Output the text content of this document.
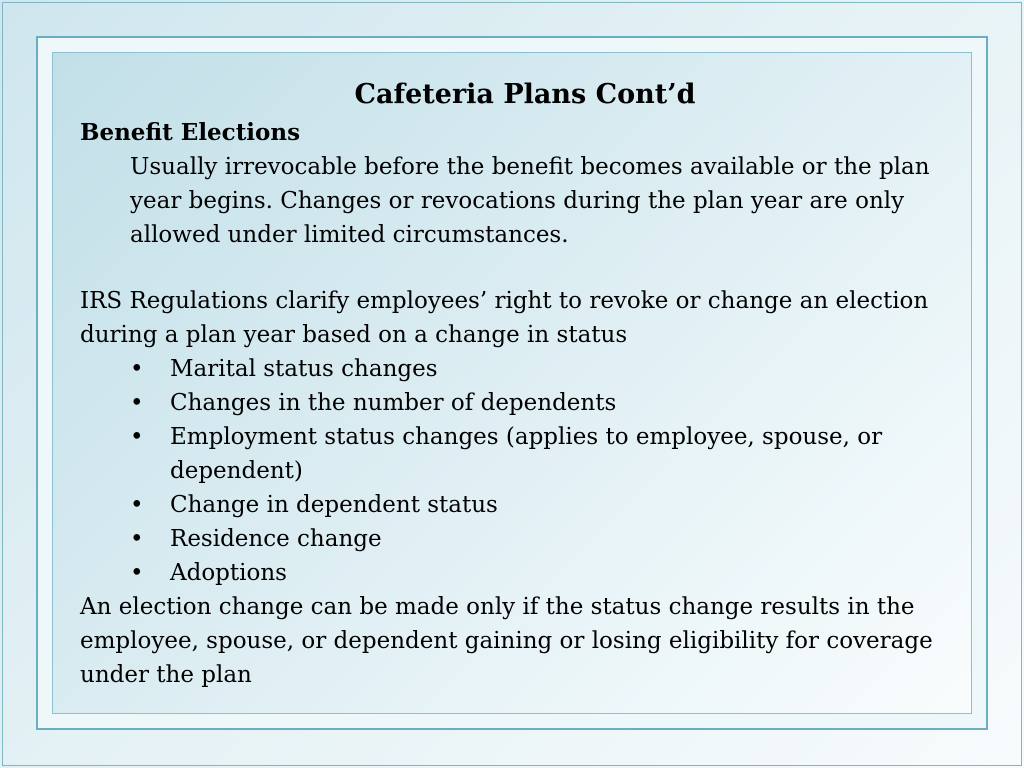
Cafeteria Plans Cont’d
Benefit Elections

Usually irrevocable before the benefit becomes available or the plan year begins. Changes or revocations during the plan year are only allowed under limited circumstances.

IRS Regulations clarify employees’ right to revoke or change an election during a plan year based on a change in status

• Marital status changes
• Changes in the number of dependents
• Employment status changes (applies to employee, spouse, or dependent)
• Change in dependent status
• Residence change
• Adoptions

An election change can be made only if the status change results in the employee, spouse, or dependent gaining or losing eligibility for coverage under the plan
